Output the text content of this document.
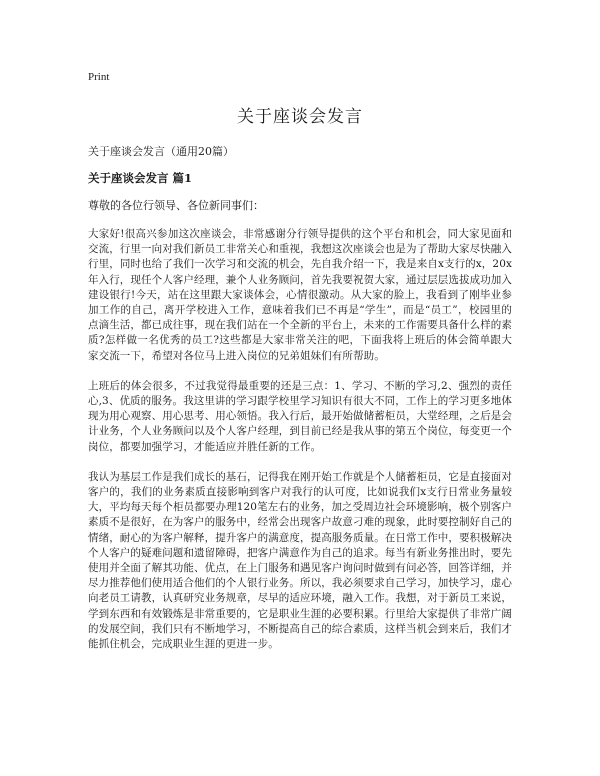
Print
关于座谈会发言
关于座谈会发言（通用20篇）
关于座谈会发言 篇1

尊敬的各位行领导、各位新同事们：

大家好!很高兴参加这次座谈会，非常感谢分行领导提供的这个平台和机会，同大家见面和交流，行里一向对我们新员工非常关心和重视，我想这次座谈会也是为了帮助大家尽快融入行里，同时也给了我们一次学习和交流的机会，先自我介绍一下，我是来自x支行的x，20x年入行，现任个人客户经理，兼个人业务顾问，首先我要祝贺大家，通过层层选拔成功加入建设银行!今天，站在这里跟大家谈体会，心情很激动。从大家的脸上，我看到了刚毕业参加工作的自己，离开学校进入工作，意味着我们已不再是“学生”，而是“员工”，校园里的点滴生活，都已成往事，现在我们站在一个全新的平台上，未来的工作需要具备什么样的素质?怎样做一名优秀的员工?这些都是大家非常关注的吧，下面我将上班后的体会简单跟大家交流一下，希望对各位马上进入岗位的兄弟姐妹们有所帮助。

上班后的体会很多，不过我觉得最重要的还是三点：1、学习、不断的学习,2、强烈的责任心,3、优质的服务。我这里讲的学习跟学校里学习知识有很大不同，工作上的学习更多地体现为用心观察、用心思考、用心领悟。我入行后，最开始做储蓄柜员，大堂经理，之后是会计业务，个人业务顾问以及个人客户经理，到目前已经是我从事的第五个岗位，每变更一个岗位，都要加强学习，才能适应并胜任新的工作。

我认为基层工作是我们成长的基石，记得我在刚开始工作就是个人储蓄柜员，它是直接面对客户的，我们的业务素质直接影响到客户对我行的认可度，比如说我们x支行日常业务量较大，平均每天每个柜员都要办理120笔左右的业务，加之受周边社会环境影响，极个别客户素质不是很好，在为客户的服务中，经常会出现客户故意刁难的现象，此时要控制好自己的情绪，耐心的为客户解释，提升客户的满意度，提高服务质量。在日常工作中，要积极解决个人客户的疑难问题和遗留障碍，把客户满意作为自己的追求。每当有新业务推出时，要先使用并全面了解其功能、优点，在上门服务和遇见客户询问时做到有问必答，回答详细，并尽力推荐他们使用适合他们的个人银行业务。所以，我必须要求自己学习，加快学习，虚心向老员工请教，认真研究业务规章，尽早的适应环境，融入工作。我想，对于新员工来说，学到东西和有效锻炼是非常重要的，它是职业生涯的必要积累。行里给大家提供了非常广阔的发展空间，我们只有不断地学习，不断提高自己的综合素质，这样当机会到来后，我们才能抓住机会，完成职业生涯的更进一步。
